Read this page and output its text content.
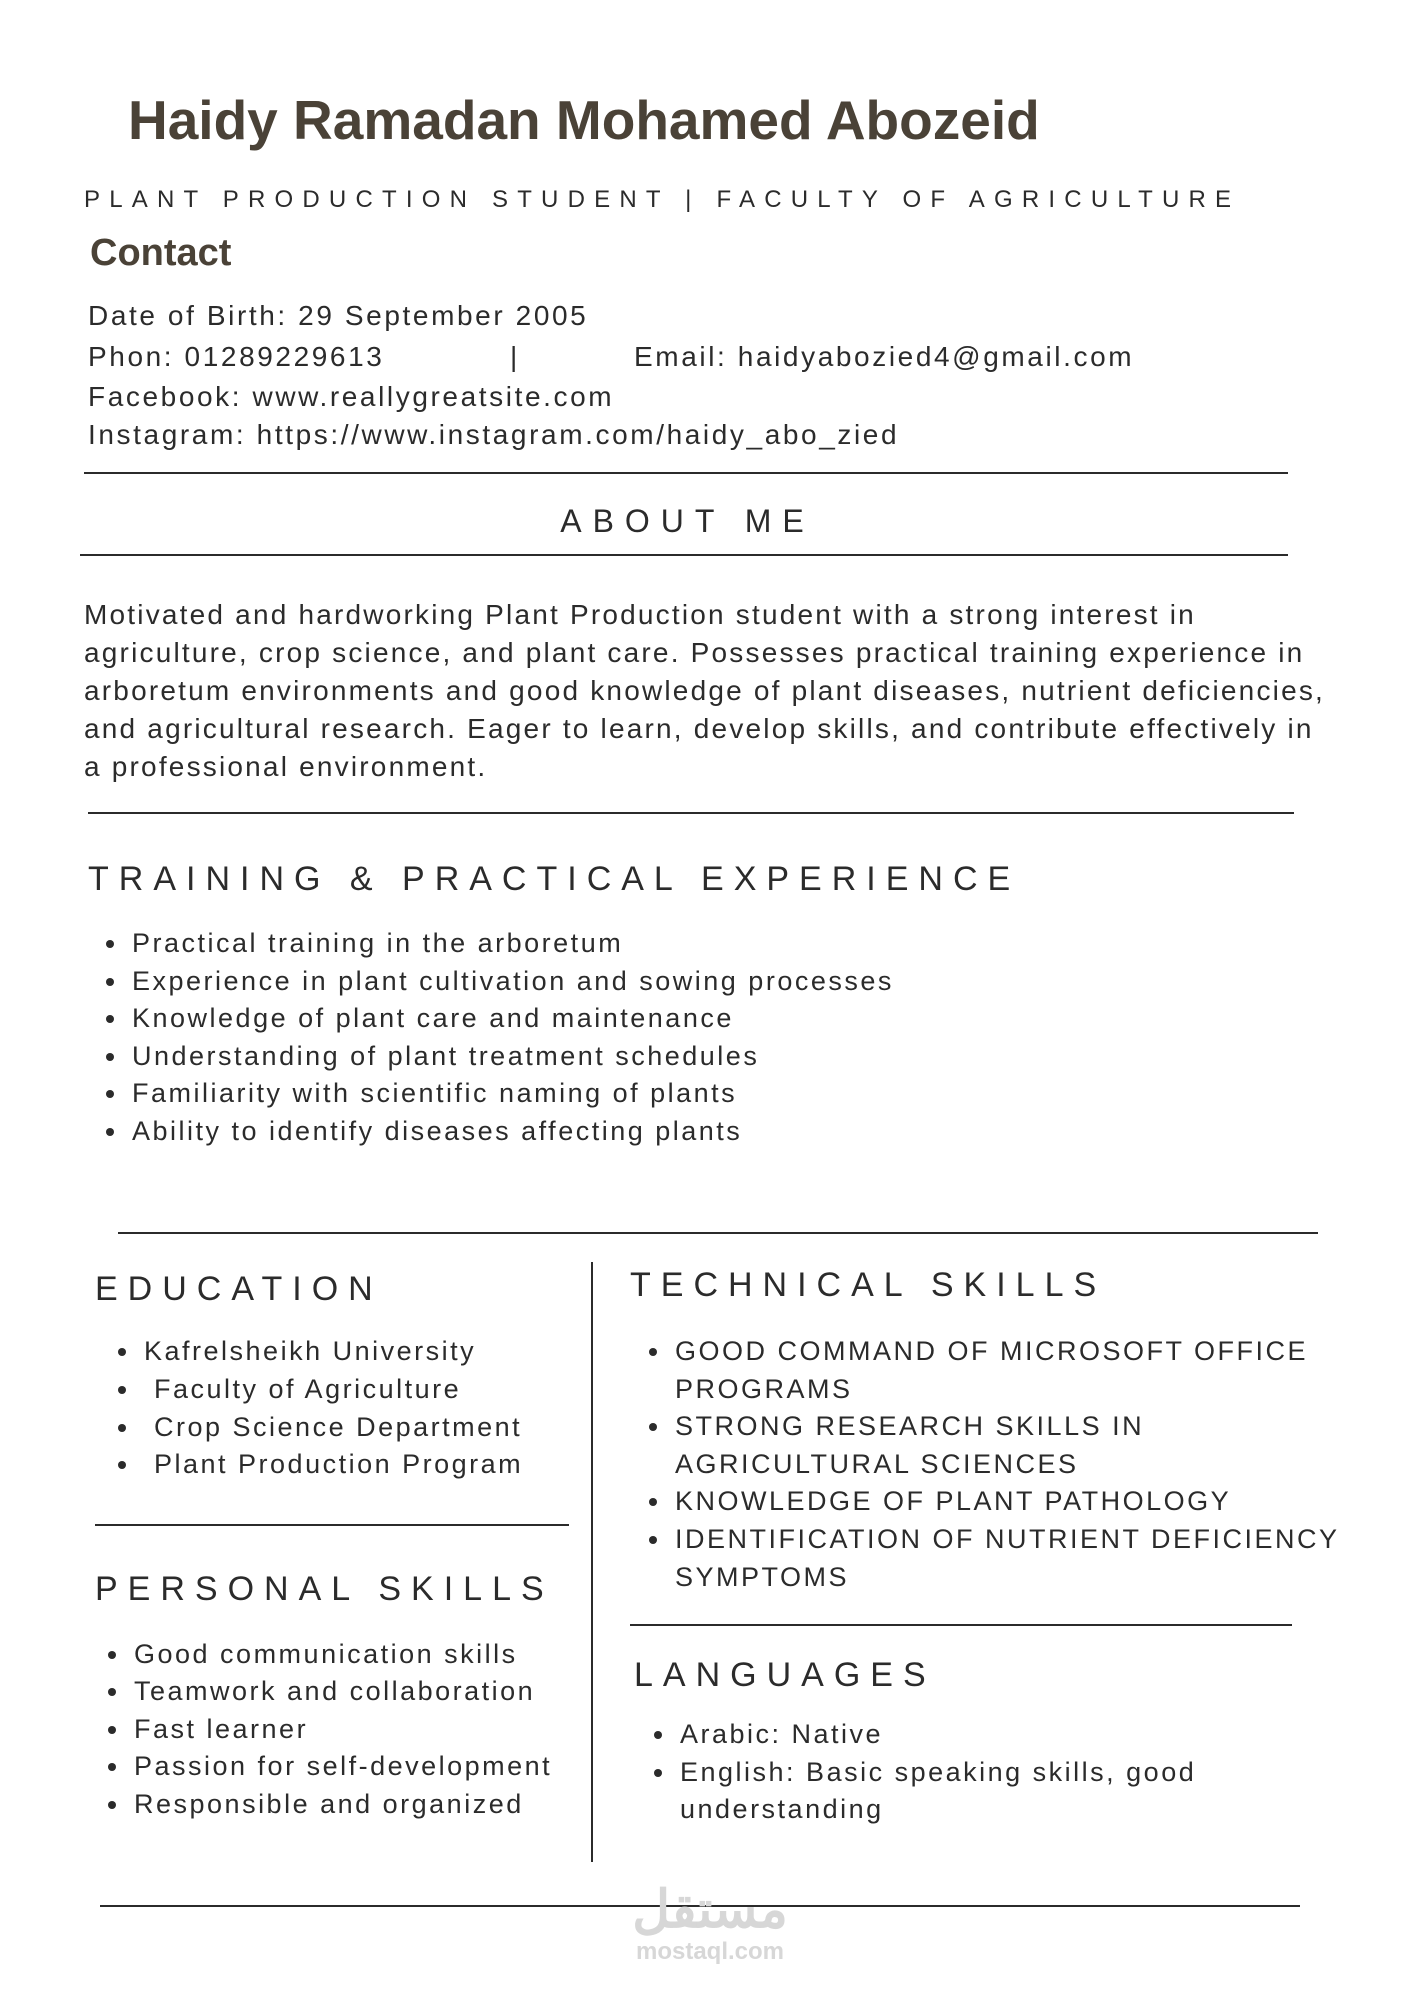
Haidy Ramadan Mohamed Abozeid
PLANT PRODUCTION STUDENT | FACULTY OF AGRICULTURE
Contact
Date of Birth: 29 September 2005
Phon: 01289229613	|	Email: haidyabozied4@gmail.com
Facebook: www.reallygreatsite.com
Instagram: https://www.instagram.com/haidy_abo_zied
ABOUT ME
Motivated and hardworking Plant Production student with a strong interest in agriculture, crop science, and plant care. Possesses practical training experience in arboretum environments and good knowledge of plant diseases, nutrient deficiencies, and agricultural research. Eager to learn, develop skills, and contribute effectively in a professional environment.
TRAINING & PRACTICAL EXPERIENCE
Practical training in the arboretum
Experience in plant cultivation and sowing processes
Knowledge of plant care and maintenance
Understanding of plant treatment schedules
Familiarity with scientific naming of plants
Ability to identify diseases affecting plants
EDUCATION
Kafrelsheikh University
Faculty of Agriculture
Crop Science Department
Plant Production Program
PERSONAL SKILLS
Good communication skills
Teamwork and collaboration
Fast learner
Passion for self-development
Responsible and organized
TECHNICAL SKILLS
GOOD COMMAND OF MICROSOFT OFFICE PROGRAMS
STRONG RESEARCH SKILLS IN AGRICULTURAL SCIENCES
KNOWLEDGE OF PLANT PATHOLOGY
IDENTIFICATION OF NUTRIENT DEFICIENCY SYMPTOMS
LANGUAGES
Arabic: Native
English: Basic speaking skills, good understanding
مستقل
mostaql.com
